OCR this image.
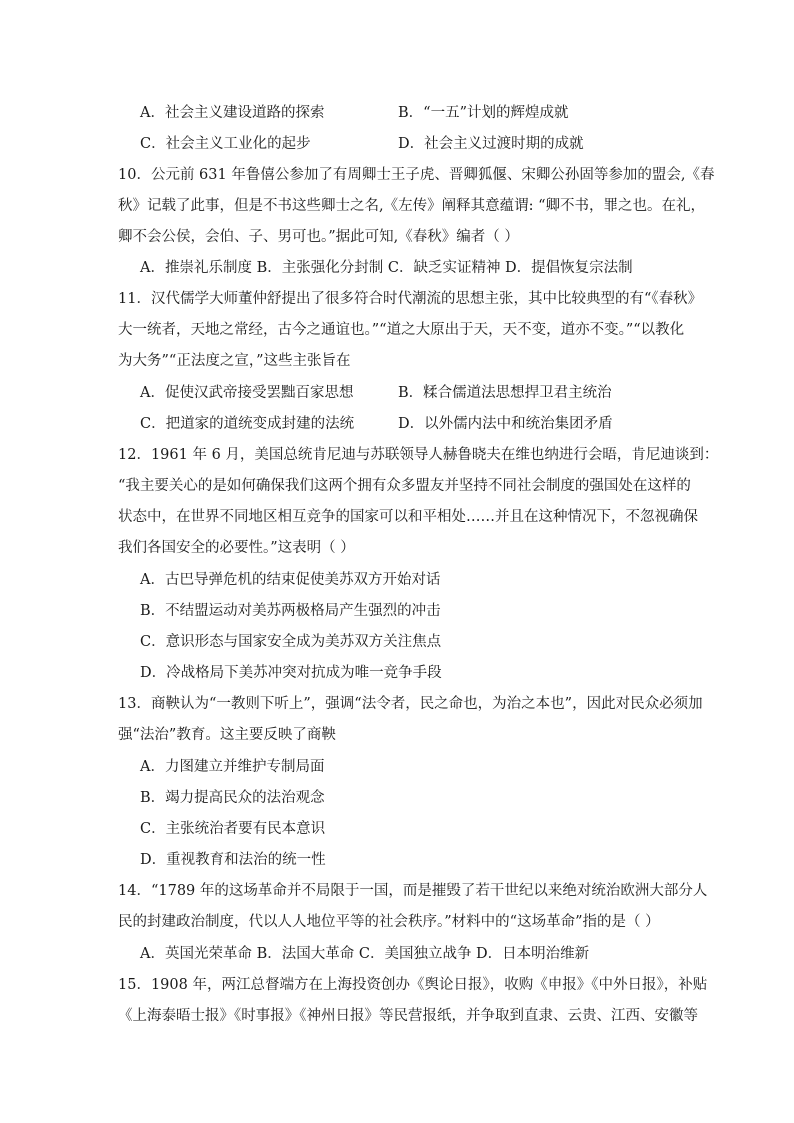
A．社会主义建设道路的探索	B．“一五”计划的辉煌成就
C．社会主义工业化的起步	D．社会主义过渡时期的成就
10．公元前 631 年鲁僖公参加了有周卿士王子虎、晋卿狐偃、宋卿公孙固等参加的盟会,《春
秋》记载了此事，但是不书这些卿士之名,《左传》阐释其意蕴谓: “卿不书，罪之也。在礼，
卿不会公侯，会伯、子、男可也。”据此可知,《春秋》编者（ ）
A．推崇礼乐制度 B．主张强化分封制 C．缺乏实证精神 D．提倡恢复宗法制
11．汉代儒学大师董仲舒提出了很多符合时代潮流的思想主张，其中比较典型的有“《春秋》
大一统者，天地之常经，古今之通谊也。”“道之大原出于天，天不变，道亦不变。”“以教化
为大务”“正法度之宣，”这些主张旨在
A．促使汉武帝接受罢黜百家思想	B．糅合儒道法思想捍卫君主统治
C．把道家的道统变成封建的法统	D．以外儒内法中和统治集团矛盾
12．1961 年 6 月，美国总统肯尼迪与苏联领导人赫鲁晓夫在维也纳进行会晤，肯尼迪谈到：
“我主要关心的是如何确保我们这两个拥有众多盟友并坚持不同社会制度的强国处在这样的
状态中，在世界不同地区相互竞争的国家可以和平相处……并且在这种情况下，不忽视确保
我们各国安全的必要性。”这表明（ ）
A．古巴导弹危机的结束促使美苏双方开始对话
B．不结盟运动对美苏两极格局产生强烈的冲击
C．意识形态与国家安全成为美苏双方关注焦点
D．冷战格局下美苏冲突对抗成为唯一竞争手段
13．商鞅认为“一教则下听上”，强调“法令者，民之命也，为治之本也”，因此对民众必须加
强“法治”教育。这主要反映了商鞅
A．力图建立并维护专制局面
B．竭力提高民众的法治观念
C．主张统治者要有民本意识
D．重视教育和法治的统一性
14．“1789 年的这场革命并不局限于一国，而是摧毁了若干世纪以来绝对统治欧洲大部分人
民的封建政治制度，代以人人地位平等的社会秩序。”材料中的“这场革命”指的是（ ）
A．英国光荣革命 B．法国大革命 C．美国独立战争 D．日本明治维新
15．1908 年，两江总督端方在上海投资创办《舆论日报》，收购《申报》《中外日报》，补贴
《上海泰晤士报》《时事报》《神州日报》等民营报纸，并争取到直隶、云贵、江西、安徽等
